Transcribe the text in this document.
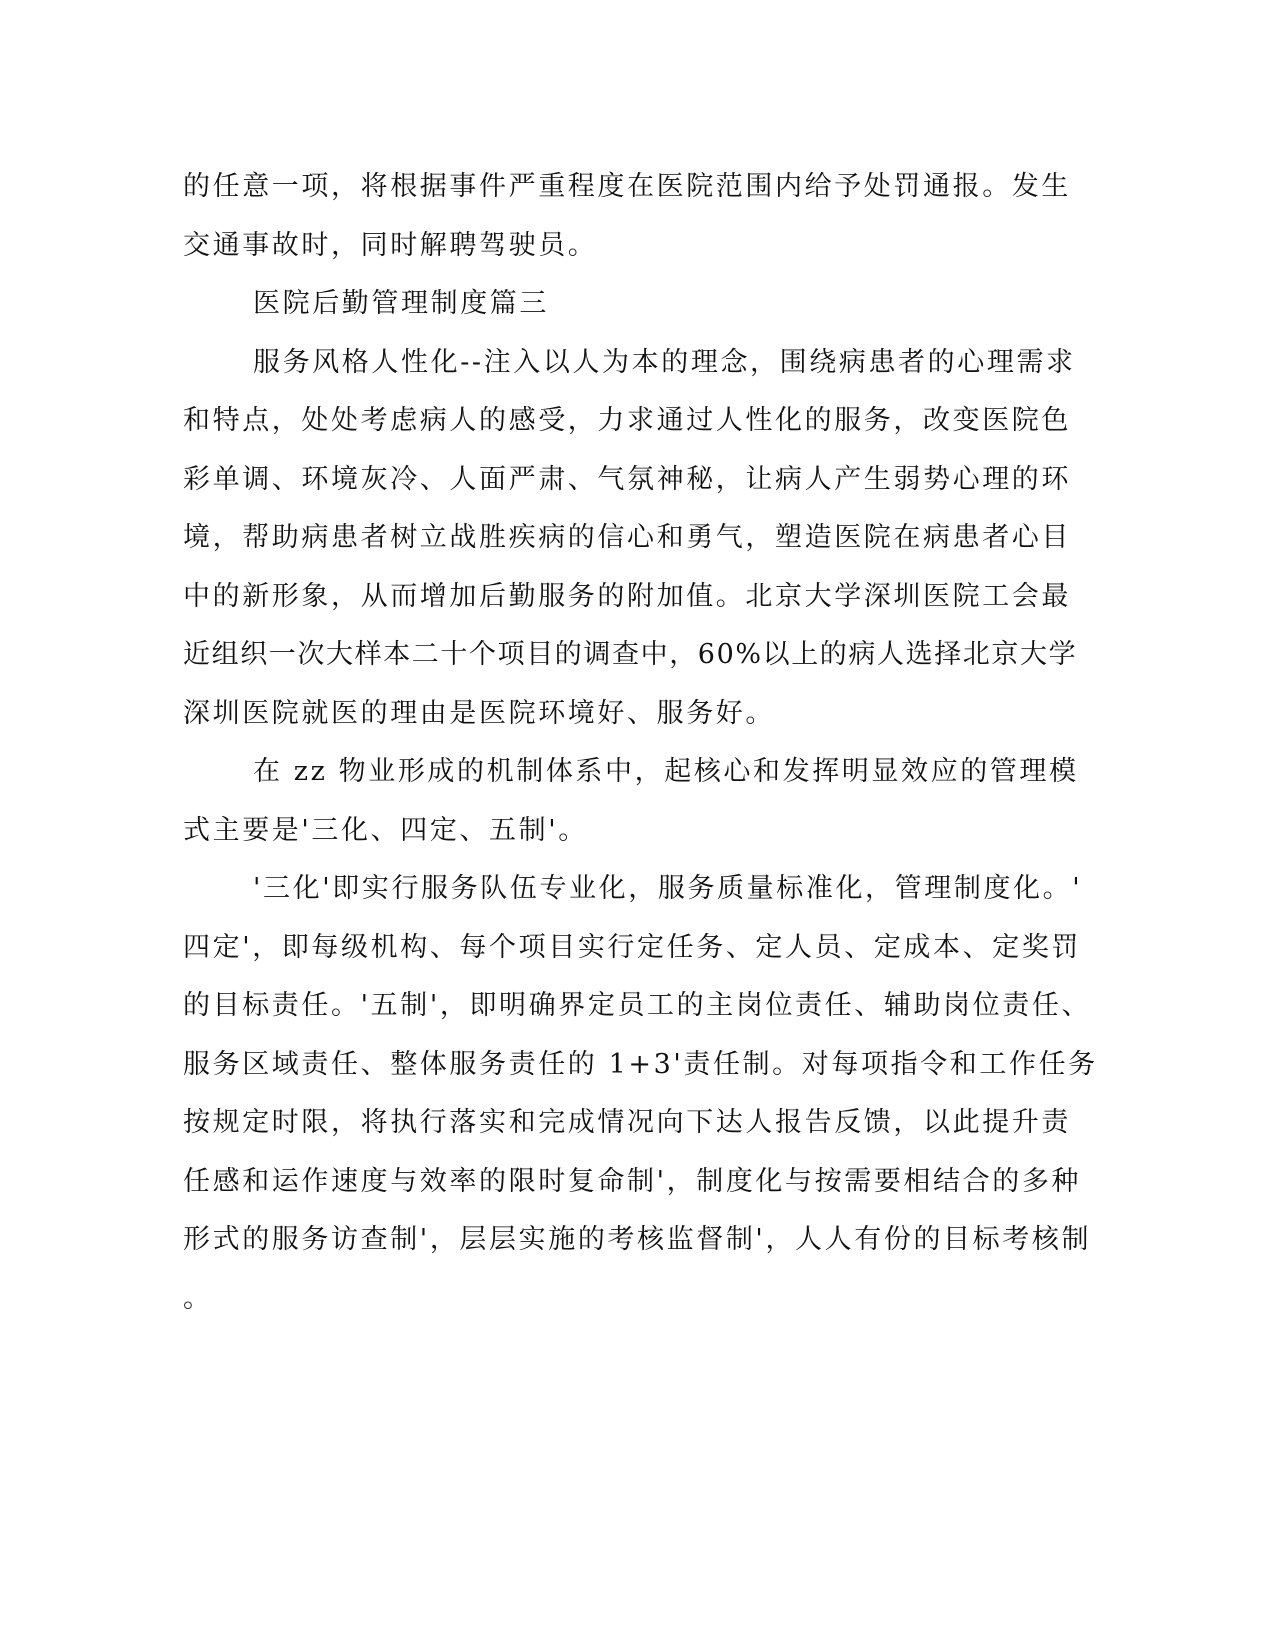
的任意一项，将根据事件严重程度在医院范围内给予处罚通报。发生
交通事故时，同时解聘驾驶员。
医院后勤管理制度篇三
服务风格人性化--注入以人为本的理念，围绕病患者的心理需求
和特点，处处考虑病人的感受，力求通过人性化的服务，改变医院色
彩单调、环境灰冷、人面严肃、气氛神秘，让病人产生弱势心理的环
境，帮助病患者树立战胜疾病的信心和勇气，塑造医院在病患者心目
中的新形象，从而增加后勤服务的附加值。北京大学深圳医院工会最
近组织一次大样本二十个项目的调查中，60%以上的病人选择北京大学
深圳医院就医的理由是医院环境好、服务好。
在 zz 物业形成的机制体系中，起核心和发挥明显效应的管理模
式主要是'三化、四定、五制'。
'三化'即实行服务队伍专业化，服务质量标准化，管理制度化。'
四定'，即每级机构、每个项目实行定任务、定人员、定成本、定奖罚
的目标责任。'五制'，即明确界定员工的主岗位责任、辅助岗位责任、
服务区域责任、整体服务责任的 1+3'责任制。对每项指令和工作任务
按规定时限，将执行落实和完成情况向下达人报告反馈，以此提升责
任感和运作速度与效率的限时复命制'，制度化与按需要相结合的多种
形式的服务访查制'，层层实施的考核监督制'，人人有份的目标考核制
。
